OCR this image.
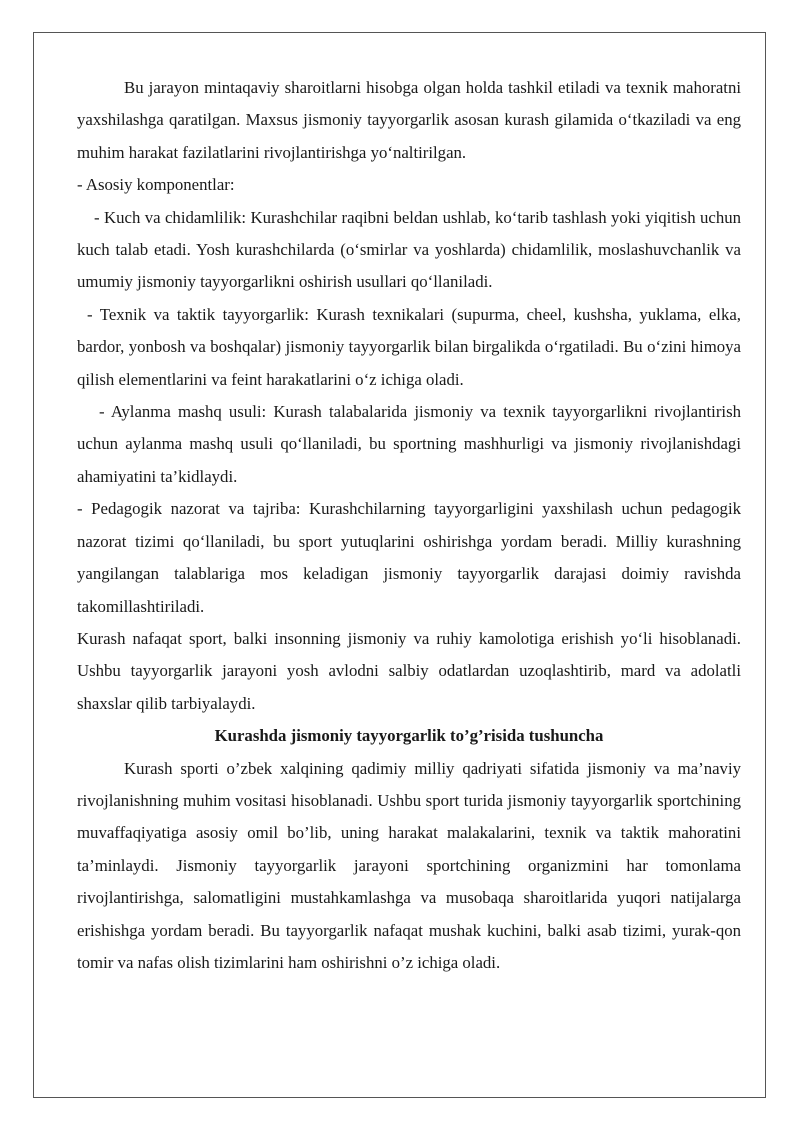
Bu jarayon mintaqaviy sharoitlarni hisobga olgan holda tashkil etiladi va texnik mahoratni yaxshilashga qaratilgan. Maxsus jismoniy tayyorgarlik asosan kurash gilamida o‘tkaziladi va eng muhim harakat fazilatlarini rivojlantirishga yo‘naltirilgan.

- Asosiy komponentlar:

- Kuch va chidamlilik: Kurashchilar raqibni beldan ushlab, ko‘tarib tashlash yoki yiqitish uchun kuch talab etadi. Yosh kurashchilarda (o‘smirlar va yoshlarda) chidamlilik, moslashuvchanlik va umumiy jismoniy tayyorgarlikni oshirish usullari qo‘llaniladi.

- Texnik va taktik tayyorgarlik: Kurash texnikalari (supurma, cheel, kushsha, yuklama, elka, bardor, yonbosh va boshqalar) jismoniy tayyorgarlik bilan birgalikda o‘rgatiladi. Bu o‘zini himoya qilish elementlarini va feint harakatlarini o‘z ichiga oladi.

- Aylanma mashq usuli: Kurash talabalarida jismoniy va texnik tayyorgarlikni rivojlantirish uchun aylanma mashq usuli qo‘llaniladi, bu sportning mashhurligi va jismoniy rivojlanishdagi ahamiyatini ta’kidlaydi.

- Pedagogik nazorat va tajriba: Kurashchilarning tayyorgarligini yaxshilash uchun pedagogik nazorat tizimi qo‘llaniladi, bu sport yutuqlarini oshirishga yordam beradi. Milliy kurashning yangilangan talablariga mos keladigan jismoniy tayyorgarlik darajasi doimiy ravishda takomillashtiriladi.

Kurash nafaqat sport, balki insonning jismoniy va ruhiy kamolotiga erishish yo‘li hisoblanadi. Ushbu tayyorgarlik jarayoni yosh avlodni salbiy odatlardan uzoqlashtirib, mard va adolatli shaxslar qilib tarbiyalaydi.

Kurashda jismoniy tayyorgarlik to’g’risida tushuncha

Kurash sporti o’zbek xalqining qadimiy milliy qadriyati sifatida jismoniy va ma’naviy rivojlanishning muhim vositasi hisoblanadi. Ushbu sport turida jismoniy tayyorgarlik sportchining muvaffaqiyatiga asosiy omil bo’lib, uning harakat malakalarini, texnik va taktik mahoratini ta’minlaydi. Jismoniy tayyorgarlik jarayoni sportchining organizmini har tomonlama rivojlantirishga, salomatligini mustahkamlashga va musobaqa sharoitlarida yuqori natijalarga erishishga yordam beradi. Bu tayyorgarlik nafaqat mushak kuchini, balki asab tizimi, yurak-qon tomir va nafas olish tizimlarini ham oshirishni o’z ichiga oladi.
